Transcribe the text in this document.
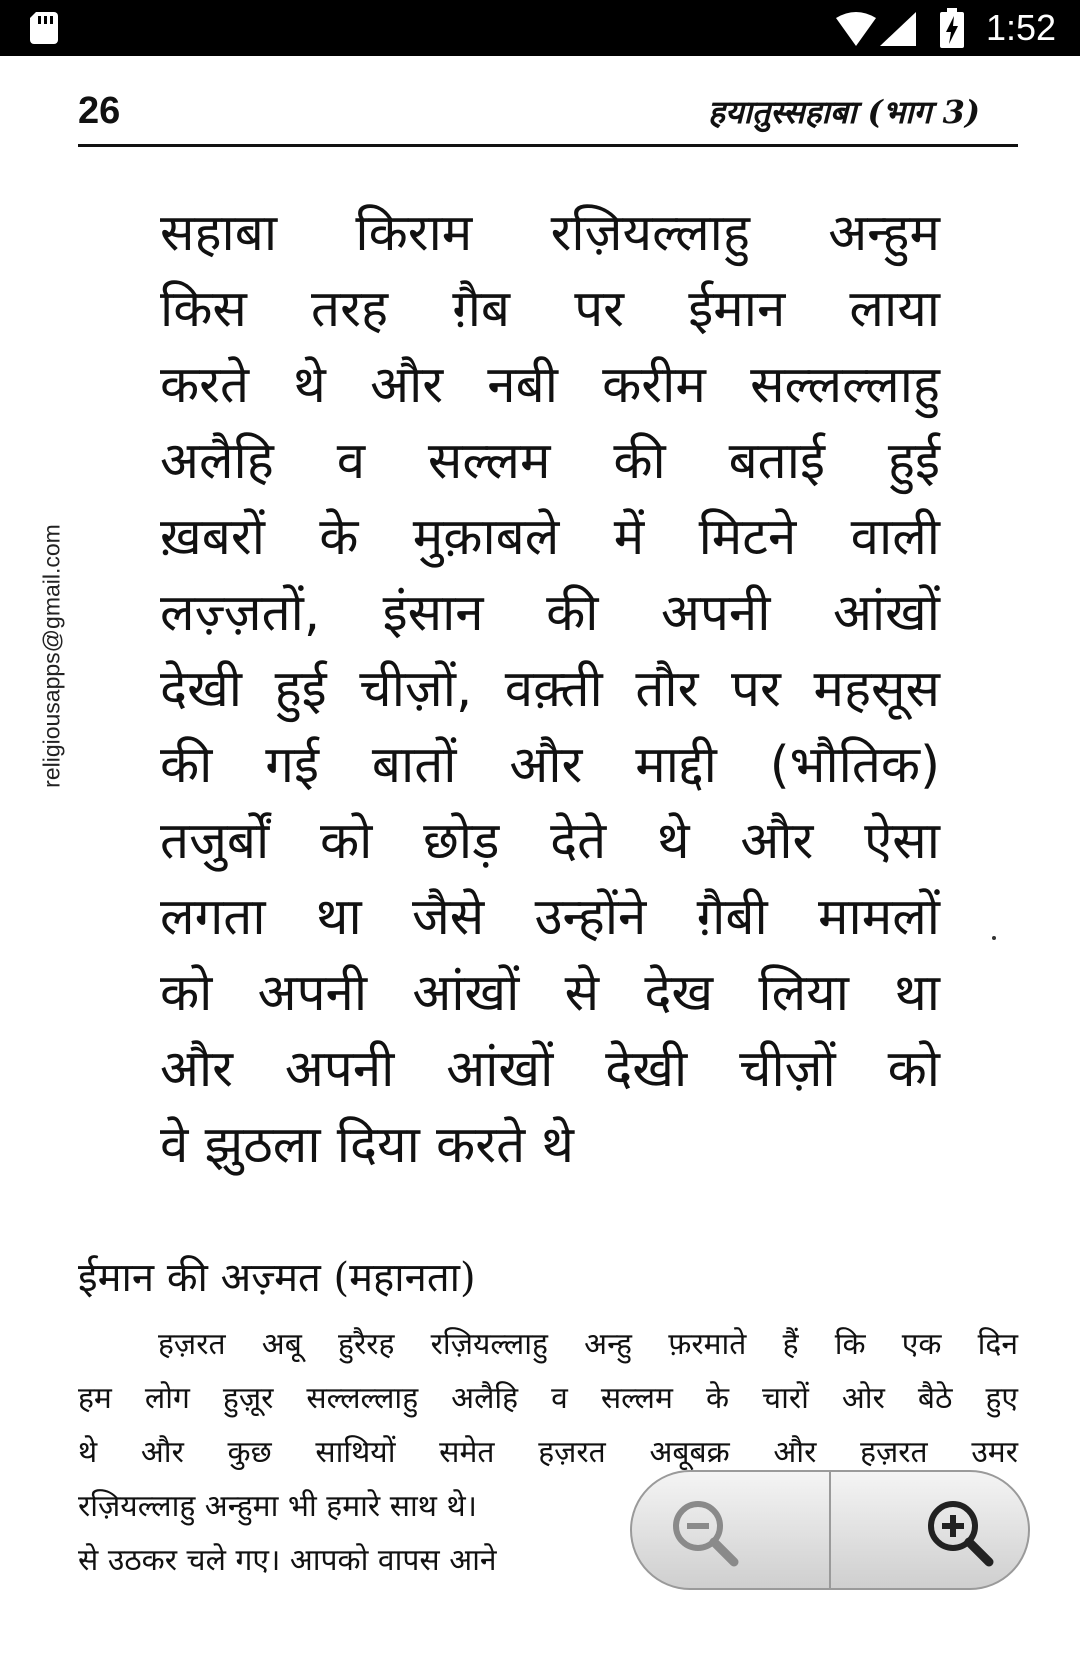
1:52
26	हयातुस्सहाबा (भाग 3)
religiousapps@gmail.com
सहाबा किराम रज़ियल्लाहु अन्हुम
किस तरह ग़ैब पर ईमान लाया
करते थे और नबी करीम सल्लल्लाहु
अलैहि व सल्लम की बताई हुई
ख़बरों के मुक़ाबले में मिटने वाली
लज़्ज़तों, इंसान की अपनी आंखों
देखी हुई चीज़ों, वक़्ती तौर पर महसूस
की गई बातों और माद्दी (भौतिक)
तजुर्बों को छोड़ देते थे और ऐसा
लगता था जैसे उन्होंने ग़ैबी मामलों
को अपनी आंखों से देख लिया था
और अपनी आंखों देखी चीज़ों को
वे झुठला दिया करते थे
ईमान की अज़्मत (महानता)
हज़रत अबू हुरैरह रज़ियल्लाहु अन्हु फ़रमाते हैं कि एक दिन
हम लोग हुज़ूर सल्लल्लाहु अलैहि व सल्लम के चारों ओर बैठे हुए
थे और कुछ साथियों समेत हज़रत अबूबक्र और हज़रत उमर
रज़ियल्लाहु अन्हुमा भी हमारे साथ थे।
से उठकर चले गए। आपको वापस आने
